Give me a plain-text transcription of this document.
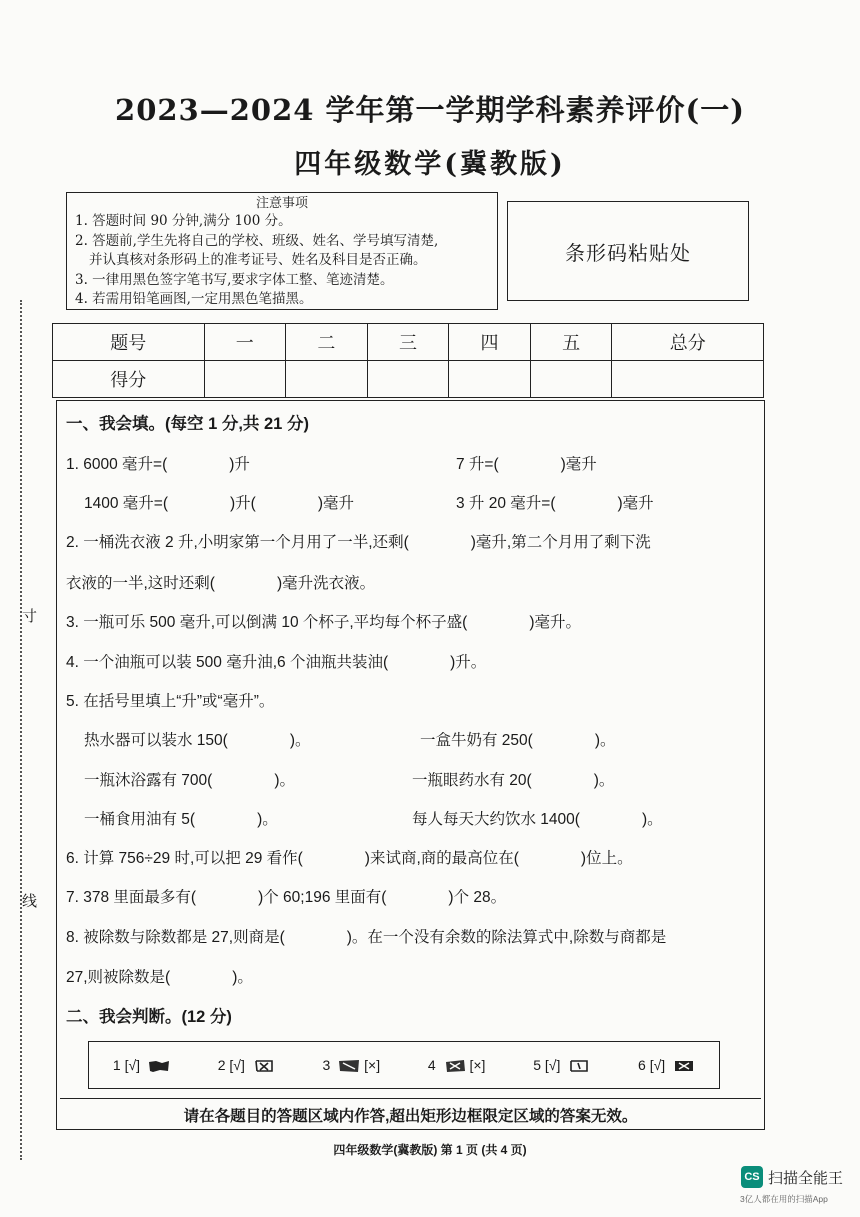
2023—2024 学年第一学期学科素养评价(一)
四年级数学(冀教版)
注意事项
1. 答题时间 90 分钟,满分 100 分。
2. 答题前,学生先将自己的学校、班级、姓名、学号填写清楚,
并认真核对条形码上的准考证号、姓名及科目是否正确。
3. 一律用黑色签字笔书写,要求字体工整、笔迹清楚。
4. 若需用铅笔画图,一定用黑色笔描黑。
条形码粘贴处
题号	一	二	三	四	五	总分
得分						
一、我会填。(每空 1 分,共 21 分)
1. 6000 毫升=(　　　　)升	7 升=(　　　　)毫升
1400 毫升=(　　　　)升(　　　　)毫升	3 升 20 毫升=(　　　　)毫升
2. 一桶洗衣液 2 升,小明家第一个月用了一半,还剩(　　　　)毫升,第二个月用了剩下洗
衣液的一半,这时还剩(　　　　)毫升洗衣液。
3. 一瓶可乐 500 毫升,可以倒满 10 个杯子,平均每个杯子盛(　　　　)毫升。
4. 一个油瓶可以装 500 毫升油,6 个油瓶共装油(　　　　)升。
5. 在括号里填上“升”或“毫升”。
热水器可以装水 150(　　　　)。	一盒牛奶有 250(　　　　)。
一瓶沐浴露有 700(　　　　)。	一瓶眼药水有 20(　　　　)。
一桶食用油有 5(　　　　)。	每人每天大约饮水 1400(　　　　)。
6. 计算 756÷29 时,可以把 29 看作(　　　　)来试商,商的最高位在(　　　　)位上。
7. 378 里面最多有(　　　　)个 60;196 里面有(　　　　)个 28。
8. 被除数与除数都是 27,则商是(　　　　)。在一个没有余数的除法算式中,除数与商都是
27,则被除数是(　　　　)。
二、我会判断。(12 分)
1 [√]	2 [√]	3 [×]	4 [×]	5 [√]	6 [√]
请在各题目的答题区域内作答,超出矩形边框限定区域的答案无效。
四年级数学(冀教版) 第 1 页 (共 4 页)
寸
线
CS 扫描全能王
3亿人都在用的扫描App
